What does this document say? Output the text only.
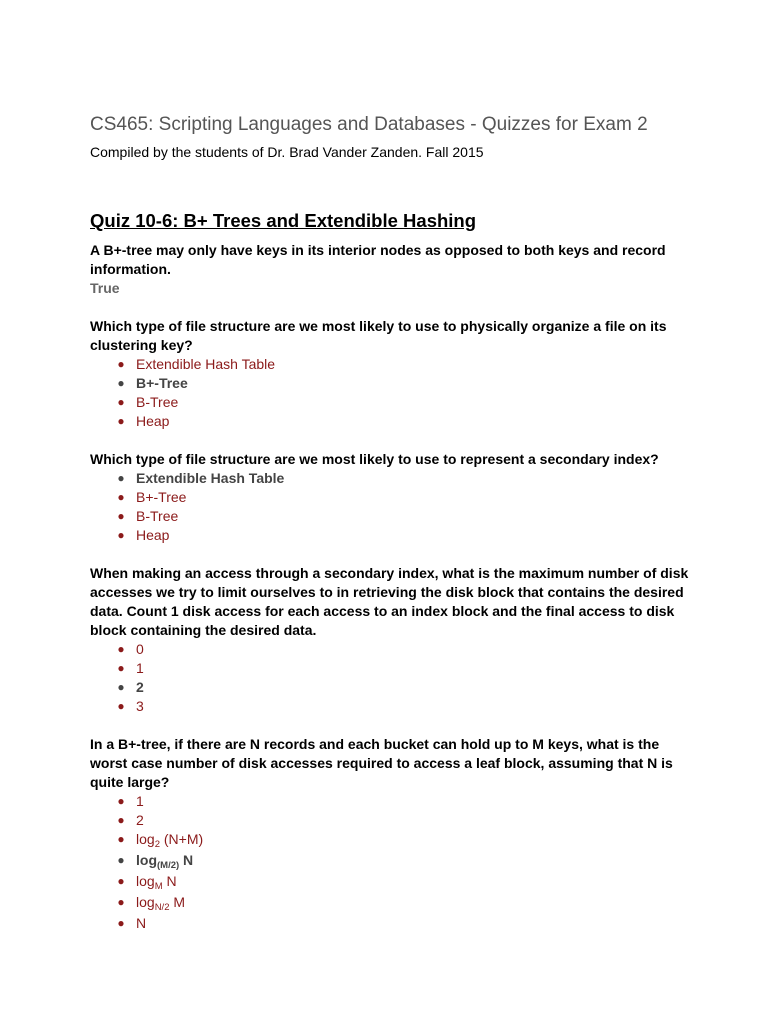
CS465: Scripting Languages and Databases - Quizzes for Exam 2
Compiled by the students of Dr. Brad Vander Zanden. Fall 2015
Quiz 10-6: B+ Trees and Extendible Hashing

A B+-tree may only have keys in its interior nodes as opposed to both keys and record information.

True

Which type of file structure are we most likely to use to physically organize a file on its clustering key?

● Extendible Hash Table
● B+-Tree
● B-Tree
● Heap

Which type of file structure are we most likely to use to represent a secondary index?

● Extendible Hash Table
● B+-Tree
● B-Tree
● Heap

When making an access through a secondary index, what is the maximum number of disk accesses we try to limit ourselves to in retrieving the disk block that contains the desired data. Count 1 disk access for each access to an index block and the final access to disk block containing the desired data.

● 0
● 1
● 2
● 3

In a B+-tree, if there are N records and each bucket can hold up to M keys, what is the worst case number of disk accesses required to access a leaf block, assuming that N is quite large?

● 1
● 2
● $\log_2 (N+M)$
● $\log_{(M/2)} N$
● $\log_M N$
● $\log_{N/2} M$
● N
